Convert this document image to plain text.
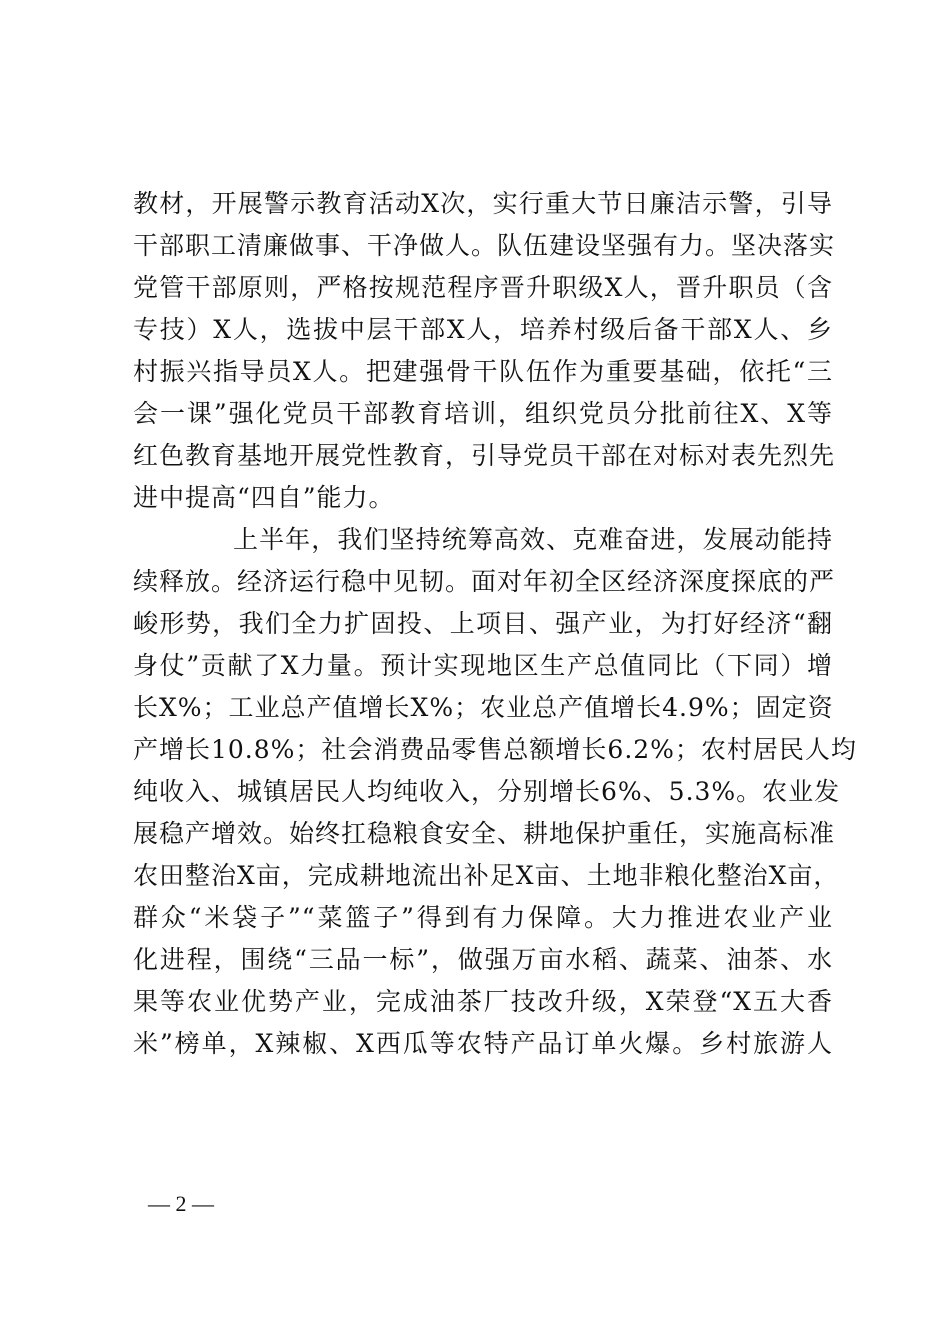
教材，开展警示教育活动X次，实行重大节日廉洁示警，引导
干部职工清廉做事、干净做人。队伍建设坚强有力。坚决落实
党管干部原则，严格按规范程序晋升职级X人，晋升职员（含
专技）X人，选拔中层干部X人，培养村级后备干部X人、乡
村振兴指导员X人。把建强骨干队伍作为重要基础，依托“三
会一课”强化党员干部教育培训，组织党员分批前往X、X等
红色教育基地开展党性教育，引导党员干部在对标对表先烈先
进中提高“四自”能力。
上半年，我们坚持统筹高效、克难奋进，发展动能持
续释放。经济运行稳中见韧。面对年初全区经济深度探底的严
峻形势，我们全力扩固投、上项目、强产业，为打好经济“翻
身仗”贡献了X力量。预计实现地区生产总值同比（下同）增
长X%；工业总产值增长X%；农业总产值增长4.9%；固定资
产增长10.8%；社会消费品零售总额增长6.2%；农村居民人均
纯收入、城镇居民人均纯收入，分别增长6%、5.3%。农业发
展稳产增效。始终扛稳粮食安全、耕地保护重任，实施高标准
农田整治X亩，完成耕地流出补足X亩、土地非粮化整治X亩，
群众“米袋子”“菜篮子”得到有力保障。大力推进农业产业
化进程，围绕“三品一标”，做强万亩水稻、蔬菜、油茶、水
果等农业优势产业，完成油茶厂技改升级，X荣登“X五大香
米”榜单，X辣椒、X西瓜等农特产品订单火爆。乡村旅游人
— 2 —
